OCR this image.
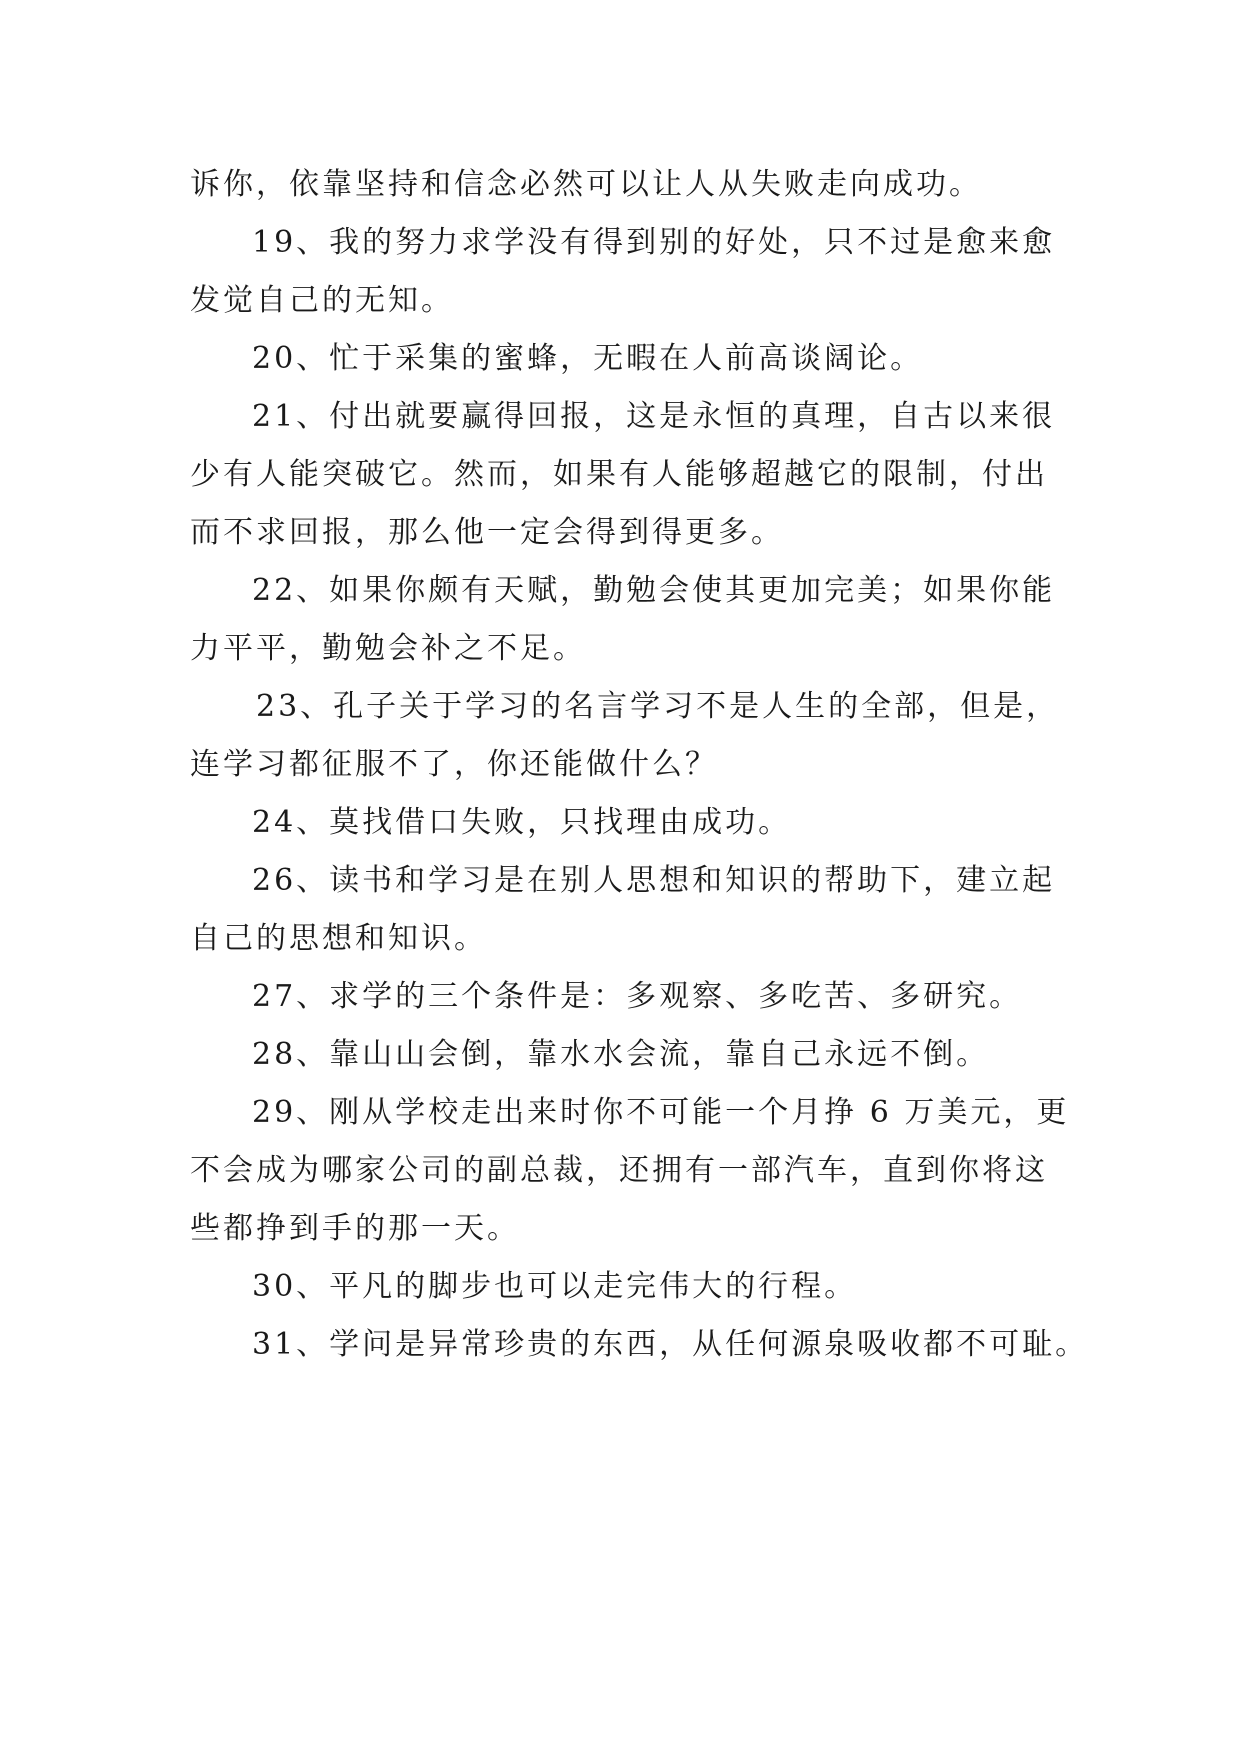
诉你，依靠坚持和信念必然可以让人从失败走向成功。
19、我的努力求学没有得到别的好处，只不过是愈来愈
发觉自己的无知。
20、忙于采集的蜜蜂，无暇在人前高谈阔论。
21、付出就要赢得回报，这是永恒的真理，自古以来很
少有人能突破它。然而，如果有人能够超越它的限制，付出
而不求回报，那么他一定会得到得更多。
22、如果你颇有天赋，勤勉会使其更加完美；如果你能
力平平，勤勉会补之不足。
23、孔子关于学习的名言学习不是人生的全部，但是，
连学习都征服不了，你还能做什么？
24、莫找借口失败，只找理由成功。
26、读书和学习是在别人思想和知识的帮助下，建立起
自己的思想和知识。
27、求学的三个条件是：多观察、多吃苦、多研究。
28、靠山山会倒，靠水水会流，靠自己永远不倒。
29、刚从学校走出来时你不可能一个月挣 6 万美元，更
不会成为哪家公司的副总裁，还拥有一部汽车，直到你将这
些都挣到手的那一天。
30、平凡的脚步也可以走完伟大的行程。
31、学问是异常珍贵的东西，从任何源泉吸收都不可耻。
